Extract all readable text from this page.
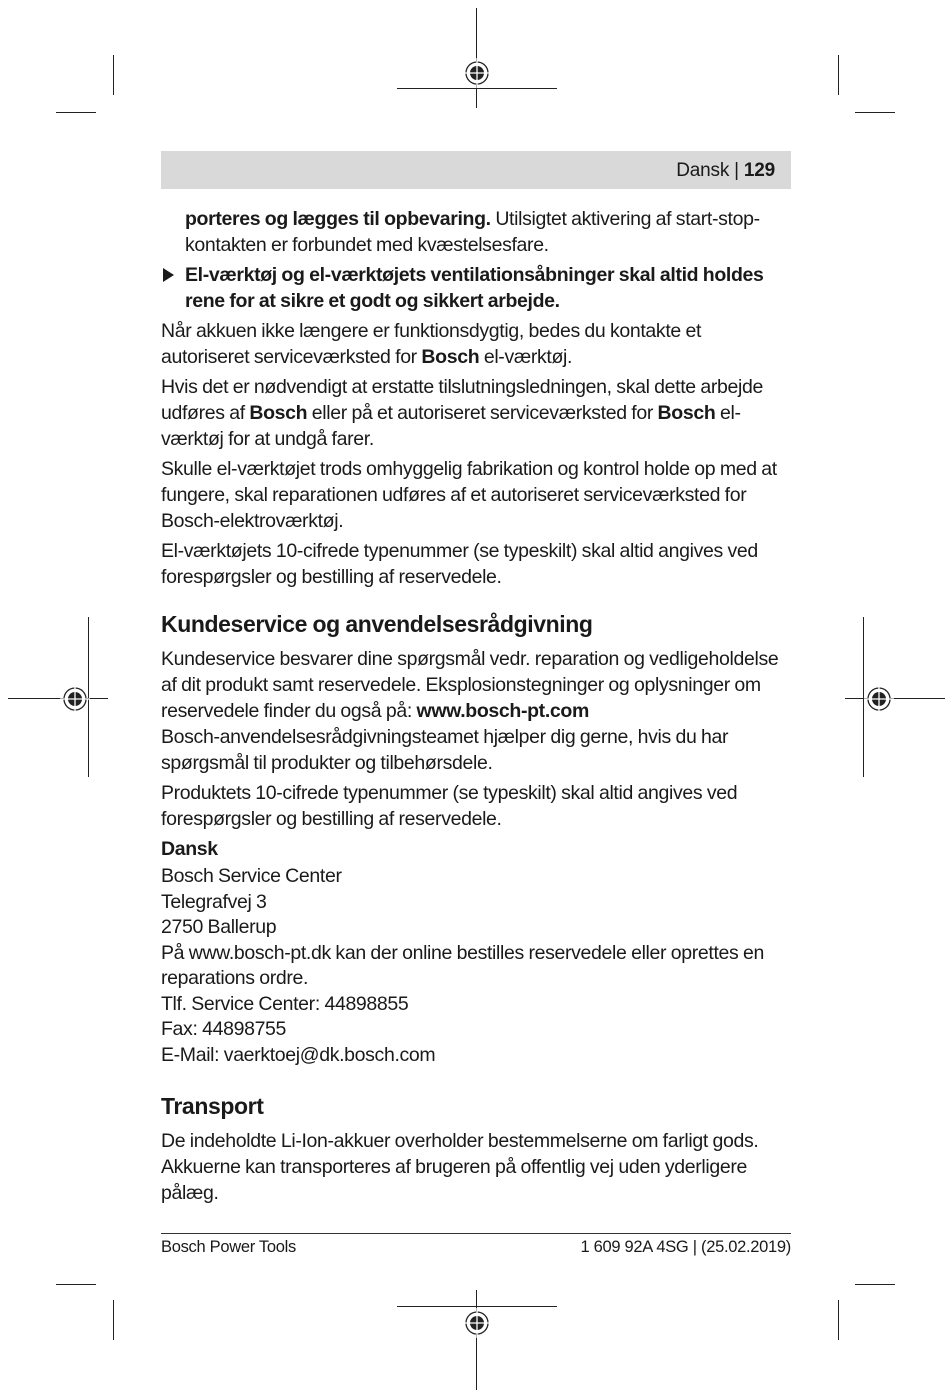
Dansk | 129

porteres og lægges til opbevaring. Utilsigtet aktivering af start-stop-kontakten er forbundet med kvæstelsesfare.

El-værktøj og el-værktøjets ventilationsåbninger skal altid holdes rene for at sikre et godt og sikkert arbejde.

Når akkuen ikke længere er funktionsdygtig, bedes du kontakte et autoriseret serviceværksted for Bosch el-værktøj.

Hvis det er nødvendigt at erstatte tilslutningsledningen, skal dette arbejde udføres af Bosch eller på et autoriseret serviceværksted for Bosch el-værktøj for at undgå farer.

Skulle el-værktøjet trods omhyggelig fabrikation og kontrol holde op med at fungere, skal reparationen udføres af et autoriseret serviceværksted for Bosch-elektroværktøj.

El-værktøjets 10-cifrede typenummer (se typeskilt) skal altid angives ved forespørgsler og bestilling af reservedele.

Kundeservice og anvendelsesrådgivning

Kundeservice besvarer dine spørgsmål vedr. reparation og vedligeholdelse af dit produkt samt reservedele. Eksplosionstegninger og oplysninger om reservedele finder du også på: www.bosch-pt.com

Bosch-anvendelsesrådgivningsteamet hjælper dig gerne, hvis du har spørgsmål til produkter og tilbehørsdele.

Produktets 10-cifrede typenummer (se typeskilt) skal altid angives ved forespørgsler og bestilling af reservedele.

Dansk

Bosch Service Center
Telegrafvej 3
2750 Ballerup
På www.bosch-pt.dk kan der online bestilles reservedele eller oprettes en reparations ordre.
Tlf. Service Center: 44898855
Fax: 44898755
E-Mail: vaerktoej@dk.bosch.com
Transport

De indeholdte Li-Ion-akkuer overholder bestemmelserne om farligt gods. Akkuerne kan transporteres af brugeren på offentlig vej uden yderligere pålæg.

Bosch Power Tools	1 609 92A 4SG | (25.02.2019)
